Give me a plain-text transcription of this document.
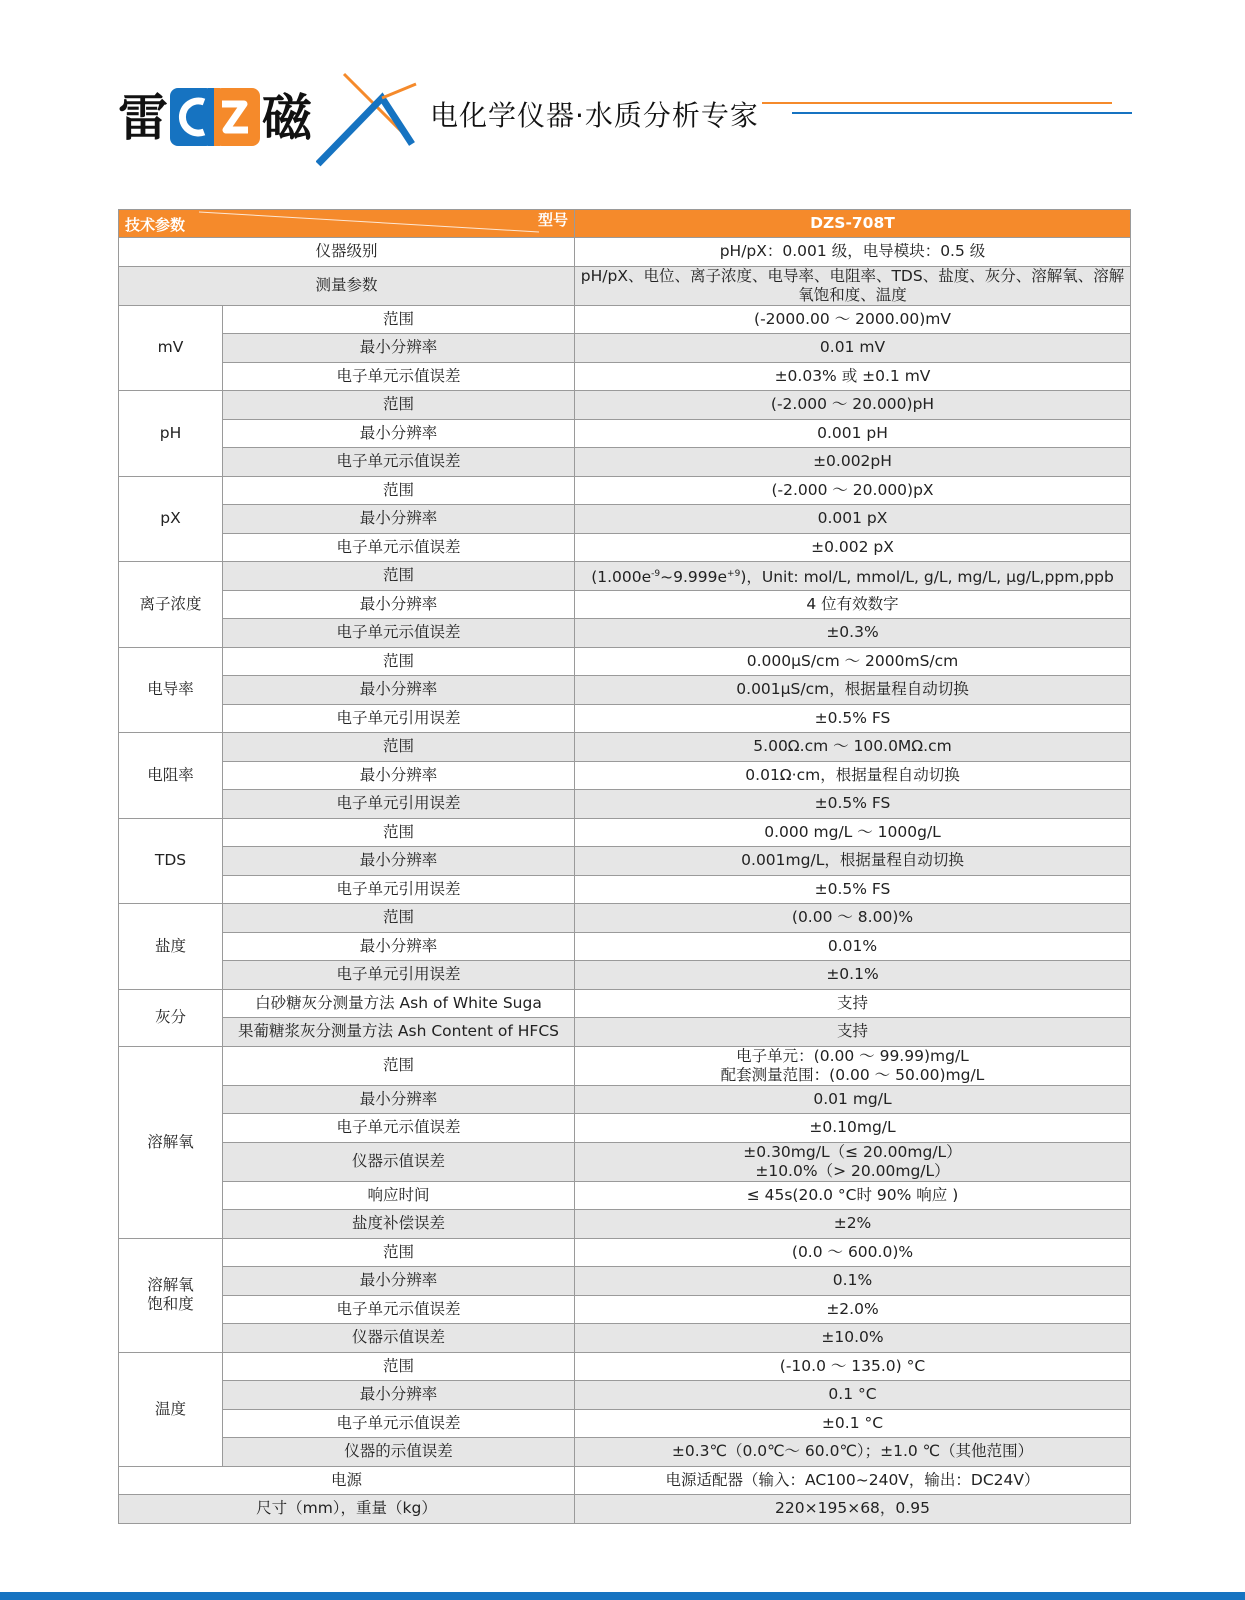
雷 磁	电化学仪器·水质分析专家
技术参数 型号		DZS-708T
仪器级别		pH/pX：0.001 级，电导模块：0.5 级
测量参数		pH/pX、电位、离子浓度、电导率、电阻率、TDS、盐度、灰分、溶解氧、溶解氧饱和度、温度
mV	范围	(-2000.00 ～ 2000.00)mV
	最小分辨率	0.01 mV
	电子单元示值误差	±0.03% 或 ±0.1 mV
pH	范围	(-2.000 ～ 20.000)pH
	最小分辨率	0.001 pH
	电子单元示值误差	±0.002pH
pX	范围	(-2.000 ～ 20.000)pX
	最小分辨率	0.001 pX
	电子单元示值误差	±0.002 pX
离子浓度	范围	$(1.000e^{-9}\sim 9.999e^{+9})$，Unit: mol/L, mmol/L, g/L, mg/L, μg/L,ppm,ppb
	最小分辨率	4 位有效数字
	电子单元示值误差	±0.3%
电导率	范围	0.000μS/cm ～ 2000mS/cm
	最小分辨率	0.001μS/cm，根据量程自动切换
	电子单元引用误差	±0.5% FS
电阻率	范围	5.00Ω.cm ～ 100.0MΩ.cm
	最小分辨率	0.01Ω·cm，根据量程自动切换
	电子单元引用误差	±0.5% FS
TDS	范围	0.000 mg/L ～ 1000g/L
	最小分辨率	0.001mg/L，根据量程自动切换
	电子单元引用误差	±0.5% FS
盐度	范围	(0.00 ～ 8.00)%
	最小分辨率	0.01%
	电子单元引用误差	±0.1%
灰分	白砂糖灰分测量方法 Ash of White Suga	支持
	果葡糖浆灰分测量方法 Ash Content of HFCS	支持
溶解氧	范围	电子单元：(0.00 ～ 99.99)mg/L
配套测量范围：(0.00 ～ 50.00)mg/L

	最小分辨率	0.01 mg/L
	电子单元示值误差	±0.10mg/L
	仪器示值误差	±0.30mg/L（≤ 20.00mg/L）
±10.0%（> 20.00mg/L）

	响应时间	≤ 45s(20.0 °C时 90% 响应 )
	盐度补偿误差	±2%

溶解氧
饱和度	范围	(0.0 ～ 600.0)%
	最小分辨率	0.1%
	电子单元示值误差	±2.0%
	仪器示值误差	±10.0%
温度	范围	(-10.0 ～ 135.0) °C
	最小分辨率	0.1 °C
	电子单元示值误差	±0.1 °C
	仪器的示值误差	±0.3℃（0.0℃～ 60.0℃）；±1.0 ℃（其他范围）
电源		电源适配器（输入：AC100~240V，输出：DC24V）
尺寸（mm），重量（kg）		220×195×68，0.95
